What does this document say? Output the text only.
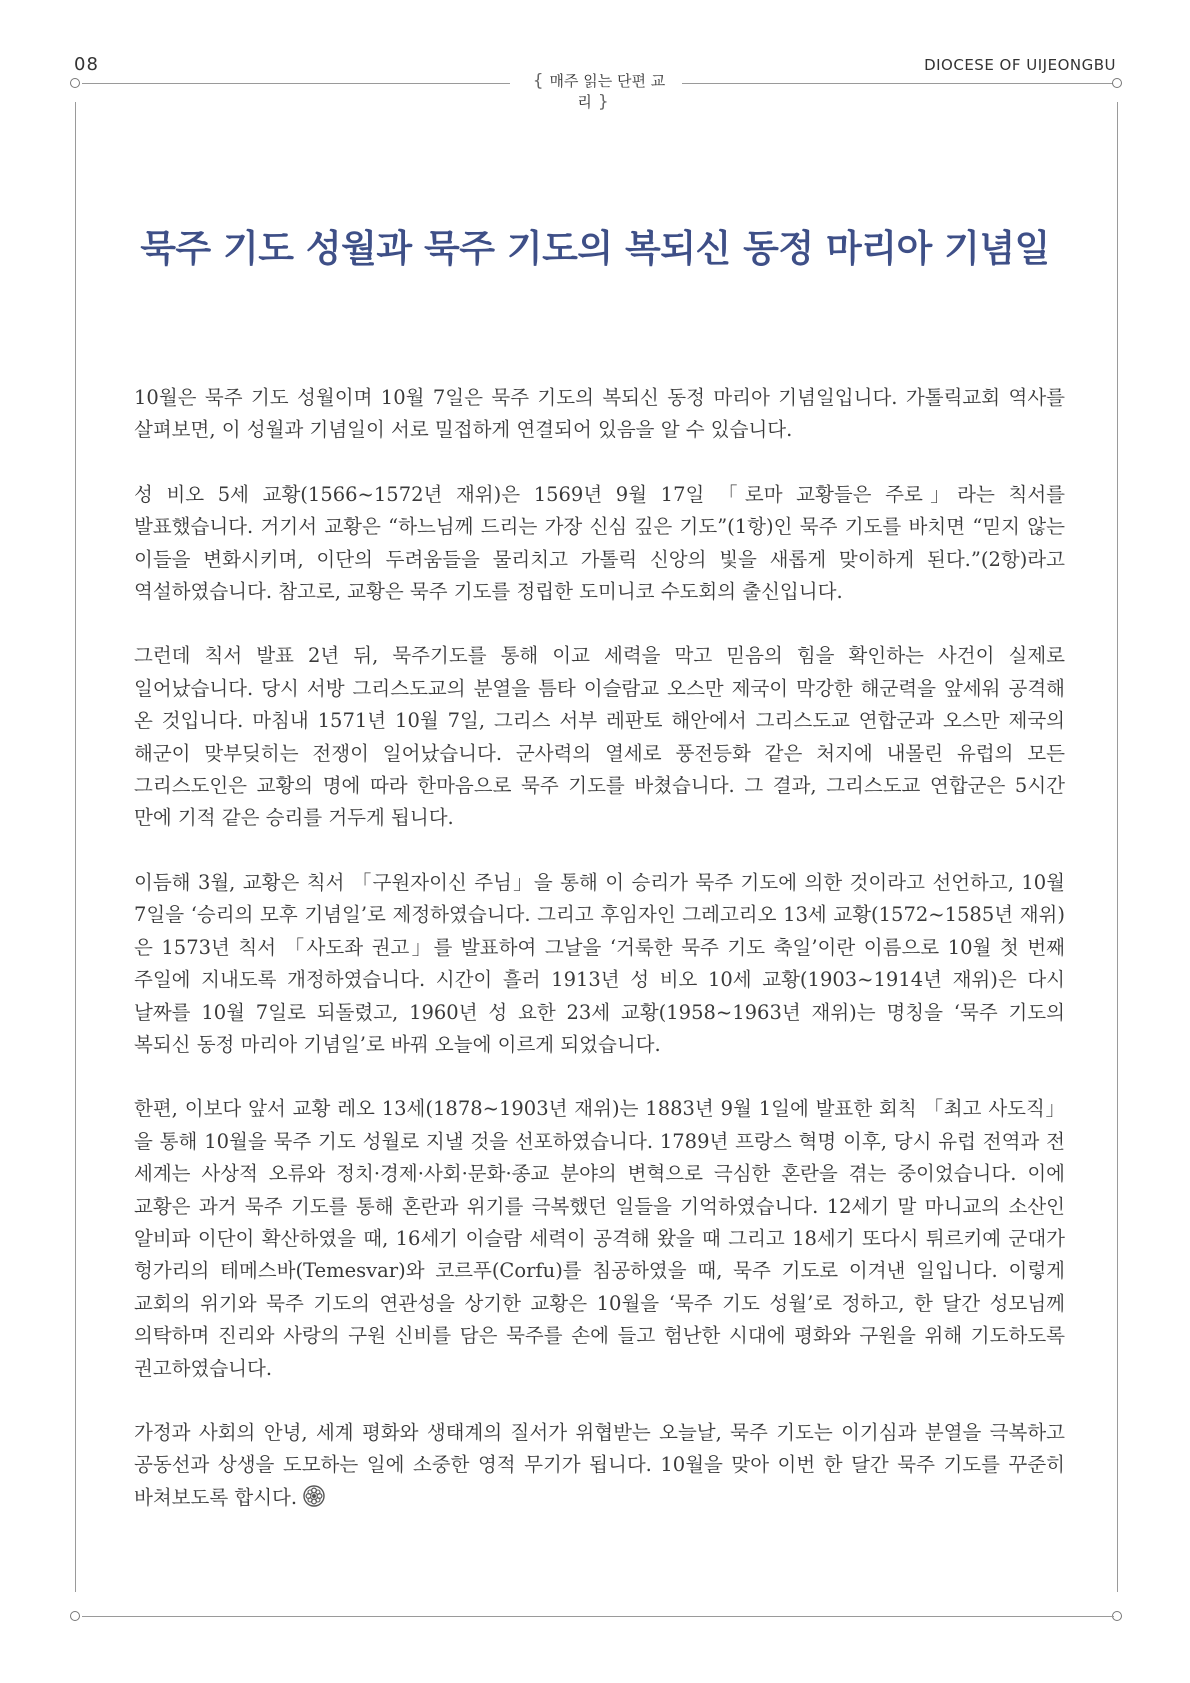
08	DIOCESE OF UIJEONGBU
{ 매주 읽는 단편 교리 }
묵주 기도 성월과 묵주 기도의 복되신 동정 마리아 기념일

10월은 묵주 기도 성월이며 10월 7일은 묵주 기도의 복되신 동정 마리아 기념일입니다. 가톨릭교회 역사를 살펴보면, 이 성월과 기념일이 서로 밀접하게 연결되어 있음을 알 수 있습니다.

성 비오 5세 교황(1566~1572년 재위)은 1569년 9월 17일 「로마 교황들은 주로」라는 칙서를 발표했습니다. 거기서 교황은 “하느님께 드리는 가장 신심 깊은 기도”(1항)인 묵주 기도를 바치면 “믿지 않는 이들을 변화시키며, 이단의 두려움들을 물리치고 가톨릭 신앙의 빛을 새롭게 맞이하게 된다.”(2항)라고 역설하였습니다. 참고로, 교황은 묵주 기도를 정립한 도미니코 수도회의 출신입니다.

그런데 칙서 발표 2년 뒤, 묵주기도를 통해 이교 세력을 막고 믿음의 힘을 확인하는 사건이 실제로 일어났습니다. 당시 서방 그리스도교의 분열을 틈타 이슬람교 오스만 제국이 막강한 해군력을 앞세워 공격해 온 것입니다. 마침내 1571년 10월 7일, 그리스 서부 레판토 해안에서 그리스도교 연합군과 오스만 제국의 해군이 맞부딪히는 전쟁이 일어났습니다. 군사력의 열세로 풍전등화 같은 처지에 내몰린 유럽의 모든 그리스도인은 교황의 명에 따라 한마음으로 묵주 기도를 바쳤습니다. 그 결과, 그리스도교 연합군은 5시간 만에 기적 같은 승리를 거두게 됩니다.

이듬해 3월, 교황은 칙서 「구원자이신 주님」을 통해 이 승리가 묵주 기도에 의한 것이라고 선언하고, 10월 7일을 ‘승리의 모후 기념일’로 제정하였습니다. 그리고 후임자인 그레고리오 13세 교황(1572~1585년 재위)은 1573년 칙서 「사도좌 권고」를 발표하여 그날을 ‘거룩한 묵주 기도 축일’이란 이름으로 10월 첫 번째 주일에 지내도록 개정하였습니다. 시간이 흘러 1913년 성 비오 10세 교황(1903~1914년 재위)은 다시 날짜를 10월 7일로 되돌렸고, 1960년 성 요한 23세 교황(1958~1963년 재위)는 명칭을 ‘묵주 기도의 복되신 동정 마리아 기념일’로 바꿔 오늘에 이르게 되었습니다.

한편, 이보다 앞서 교황 레오 13세(1878~1903년 재위)는 1883년 9월 1일에 발표한 회칙 「최고 사도직」을 통해 10월을 묵주 기도 성월로 지낼 것을 선포하였습니다. 1789년 프랑스 혁명 이후, 당시 유럽 전역과 전 세계는 사상적 오류와 정치·경제·사회·문화·종교 분야의 변혁으로 극심한 혼란을 겪는 중이었습니다. 이에 교황은 과거 묵주 기도를 통해 혼란과 위기를 극복했던 일들을 기억하였습니다. 12세기 말 마니교의 소산인 알비파 이단이 확산하였을 때, 16세기 이슬람 세력이 공격해 왔을 때 그리고 18세기 또다시 튀르키예 군대가 헝가리의 테메스바(Temesvar)와 코르푸(Corfu)를 침공하였을 때, 묵주 기도로 이겨낸 일입니다. 이렇게 교회의 위기와 묵주 기도의 연관성을 상기한 교황은 10월을 ‘묵주 기도 성월’로 정하고, 한 달간 성모님께 의탁하며 진리와 사랑의 구원 신비를 담은 묵주를 손에 들고 험난한 시대에 평화와 구원을 위해 기도하도록 권고하였습니다.

가정과 사회의 안녕, 세계 평화와 생태계의 질서가 위협받는 오늘날, 묵주 기도는 이기심과 분열을 극복하고 공동선과 상생을 도모하는 일에 소중한 영적 무기가 됩니다. 10월을 맞아 이번 한 달간 묵주 기도를 꾸준히 바쳐보도록 합시다.
